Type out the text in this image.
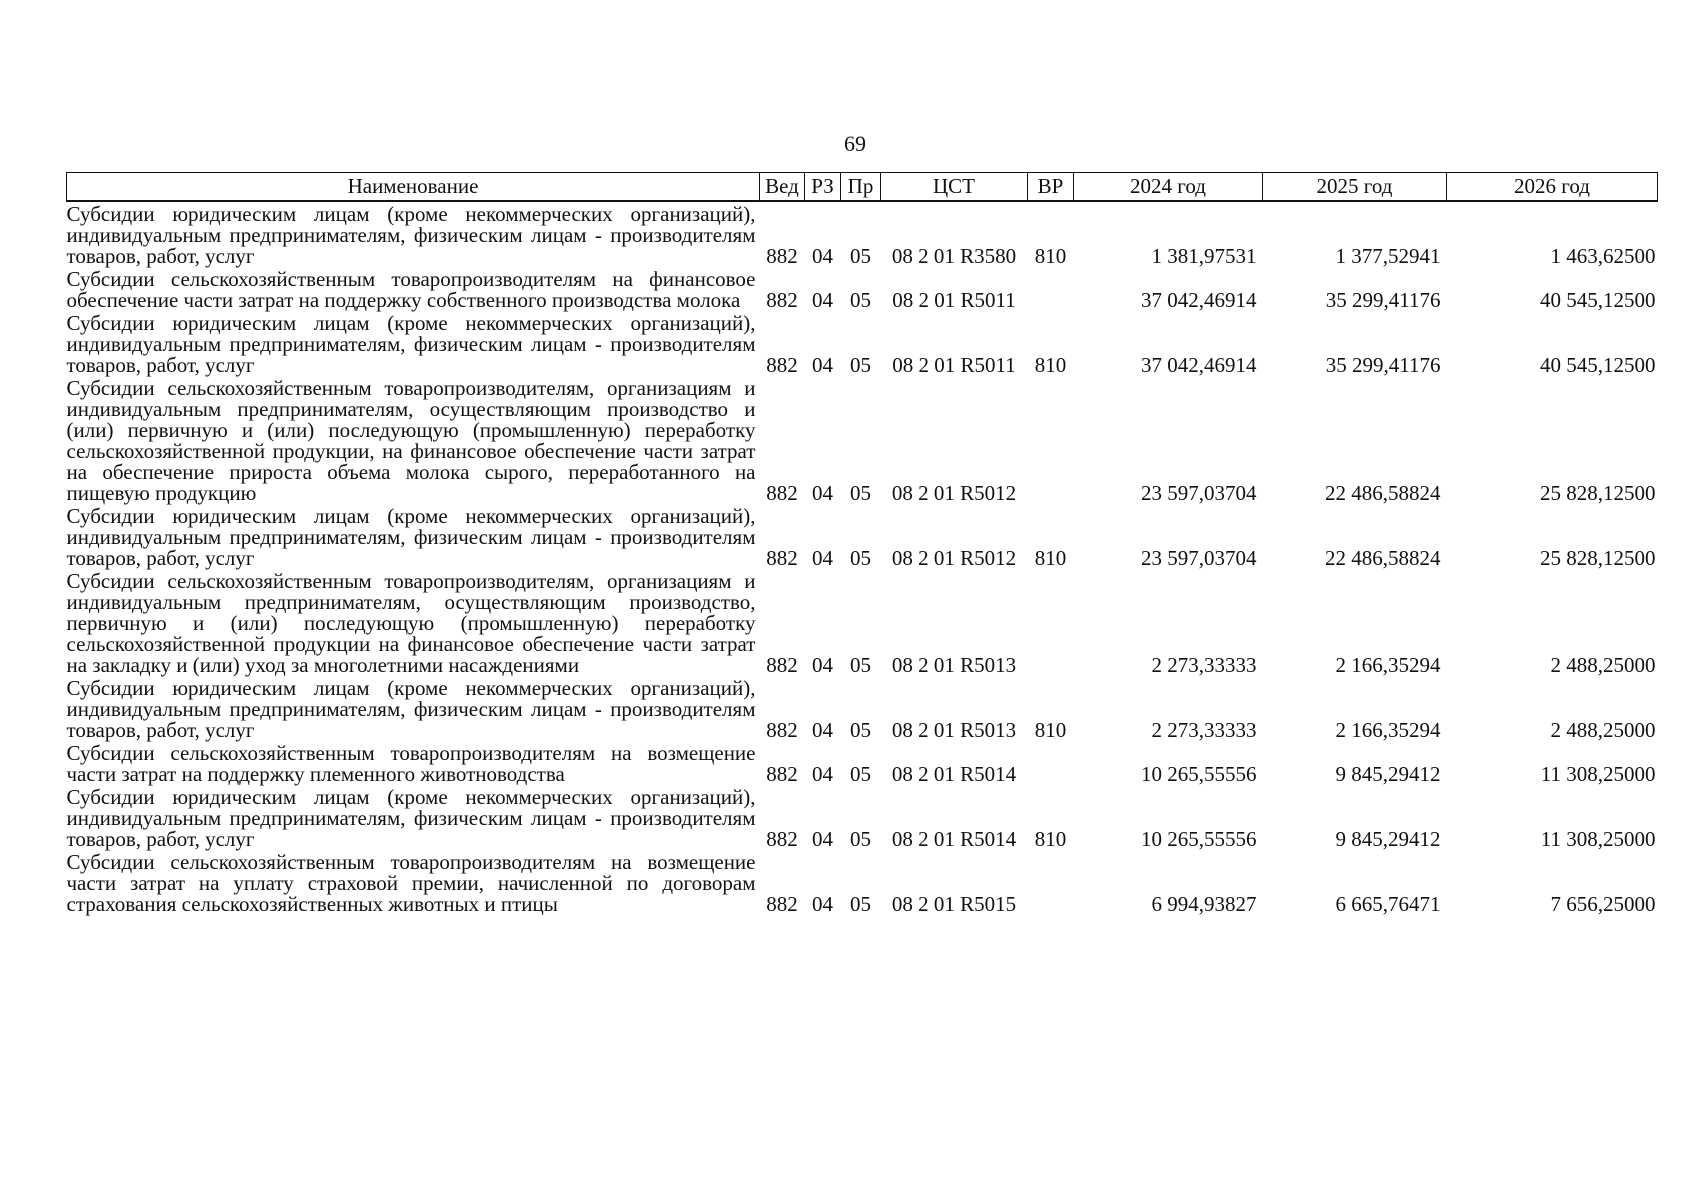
69
Наименование	Вед	РЗ	Пр	ЦСТ	ВР	2024 год	2025 год	2026 год
Субсидии юридическим лицам (кроме некоммерческих организаций), индивидуальным предпринимателям, физическим лицам - производителям товаров, работ, услуг	882	04	05	08 2 01 R3580	810	1 381,97531	1 377,52941	1 463,62500
Субсидии сельскохозяйственным товаропроизводителям на финансовое обеспечение части затрат на поддержку собственного производства молока	882	04	05	08 2 01 R5011		37 042,46914	35 299,41176	40 545,12500
Субсидии юридическим лицам (кроме некоммерческих организаций), индивидуальным предпринимателям, физическим лицам - производителям товаров, работ, услуг	882	04	05	08 2 01 R5011	810	37 042,46914	35 299,41176	40 545,12500
Субсидии сельскохозяйственным товаропроизводителям, организациям и индивидуальным предпринимателям, осуществляющим производство и (или) первичную и (или) последующую (промышленную) переработку сельскохозяйственной продукции, на финансовое обеспечение части затрат на обеспечение прироста объема молока сырого, переработанного на пищевую продукцию	882	04	05	08 2 01 R5012		23 597,03704	22 486,58824	25 828,12500
Субсидии юридическим лицам (кроме некоммерческих организаций), индивидуальным предпринимателям, физическим лицам - производителям товаров, работ, услуг	882	04	05	08 2 01 R5012	810	23 597,03704	22 486,58824	25 828,12500
Субсидии сельскохозяйственным товаропроизводителям, организациям и индивидуальным предпринимателям, осуществляющим производство, первичную и (или) последующую (промышленную) переработку сельскохозяйственной продукции на финансовое обеспечение части затрат на закладку и (или) уход за многолетними насаждениями	882	04	05	08 2 01 R5013		2 273,33333	2 166,35294	2 488,25000
Субсидии юридическим лицам (кроме некоммерческих организаций), индивидуальным предпринимателям, физическим лицам - производителям товаров, работ, услуг	882	04	05	08 2 01 R5013	810	2 273,33333	2 166,35294	2 488,25000
Субсидии сельскохозяйственным товаропроизводителям на возмещение части затрат на поддержку племенного животноводства	882	04	05	08 2 01 R5014		10 265,55556	9 845,29412	11 308,25000
Субсидии юридическим лицам (кроме некоммерческих организаций), индивидуальным предпринимателям, физическим лицам - производителям товаров, работ, услуг	882	04	05	08 2 01 R5014	810	10 265,55556	9 845,29412	11 308,25000
Субсидии сельскохозяйственным товаропроизводителям на возмещение части затрат на уплату страховой премии, начисленной по договорам страхования сельскохозяйственных животных и птицы	882	04	05	08 2 01 R5015		6 994,93827	6 665,76471	7 656,25000
